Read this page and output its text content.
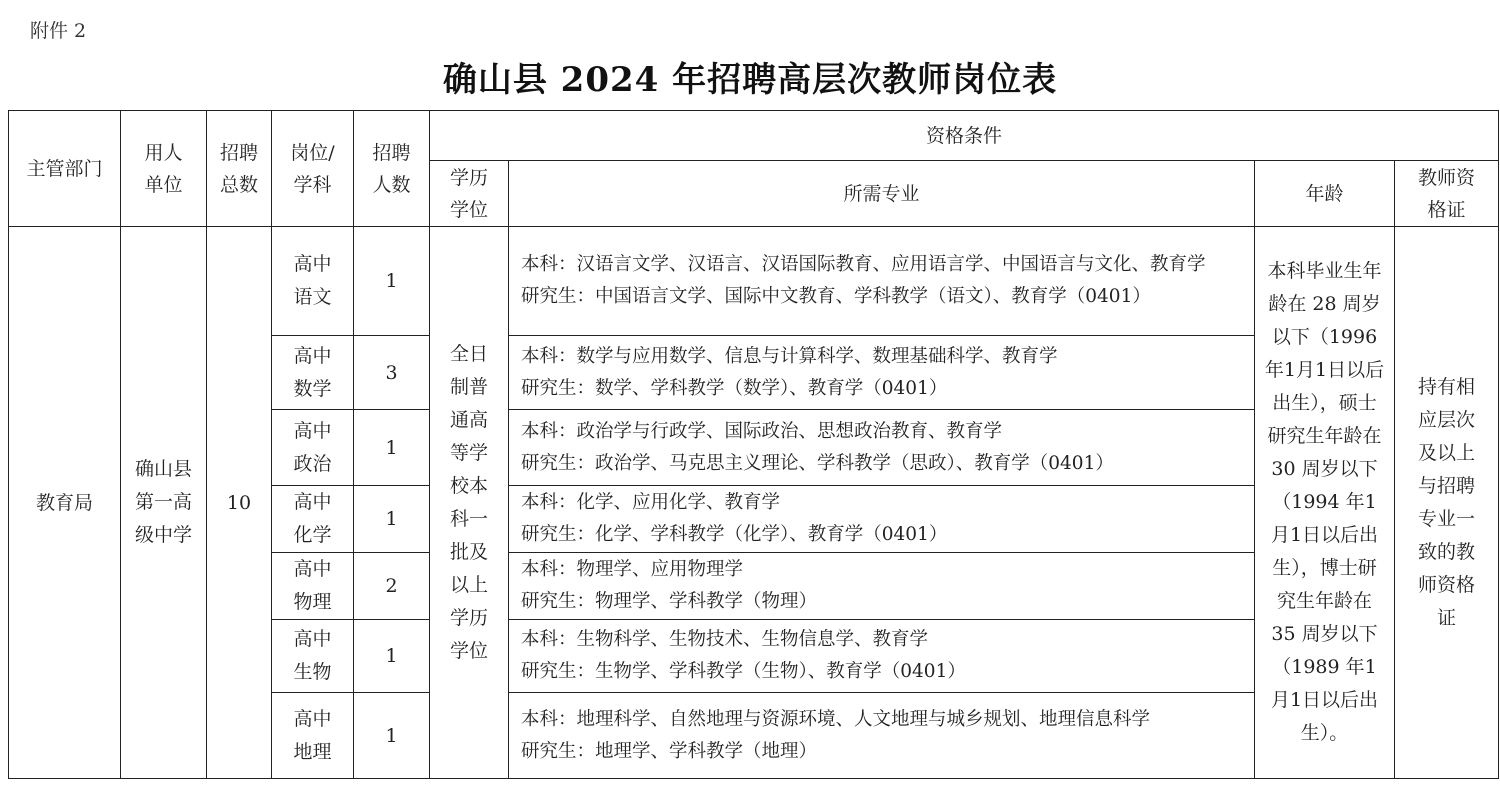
附件 2
确山县 2024 年招聘高层次教师岗位表
主管部门	用人单位	招聘总数	岗位/学科	招聘人数	资格条件			

					学历学位	所需专业	年龄	教师资格证

教育局	确山县第一高级中学	10	高中语文	1	全日制普通高等学校本科一批及以上学历学位	本科：汉语言文学、汉语言、汉语国际教育、应用语言学、中国语言与文化、教育学
研究生：中国语言文学、国际中文教育、学科教学（语文）、教育学（0401）	本科毕业生年龄在 28 周岁以下（1996 年1月1日以后出生），硕士研究生年龄在 30 周岁以下（1994 年1月1日以后出生），博士研究生年龄在 35 周岁以下（1989 年1月1日以后出生）。	持有相应层次及以上与招聘专业一致的教师资格证

			高中数学	3		本科：数学与应用数学、信息与计算科学、数理基础科学、教育学
研究生：数学、学科教学（数学）、教育学（0401）		

			高中政治	1		本科：政治学与行政学、国际政治、思想政治教育、教育学
研究生：政治学、马克思主义理论、学科教学（思政）、教育学（0401）		

			高中化学	1		本科：化学、应用化学、教育学
研究生：化学、学科教学（化学）、教育学（0401）		

			高中物理	2		本科：物理学、应用物理学
研究生：物理学、学科教学（物理）		

			高中生物	1		本科：生物科学、生物技术、生物信息学、教育学
研究生：生物学、学科教学（生物）、教育学（0401）		

			高中地理	1		本科：地理科学、自然地理与资源环境、人文地理与城乡规划、地理信息科学
研究生：地理学、学科教学（地理）		
